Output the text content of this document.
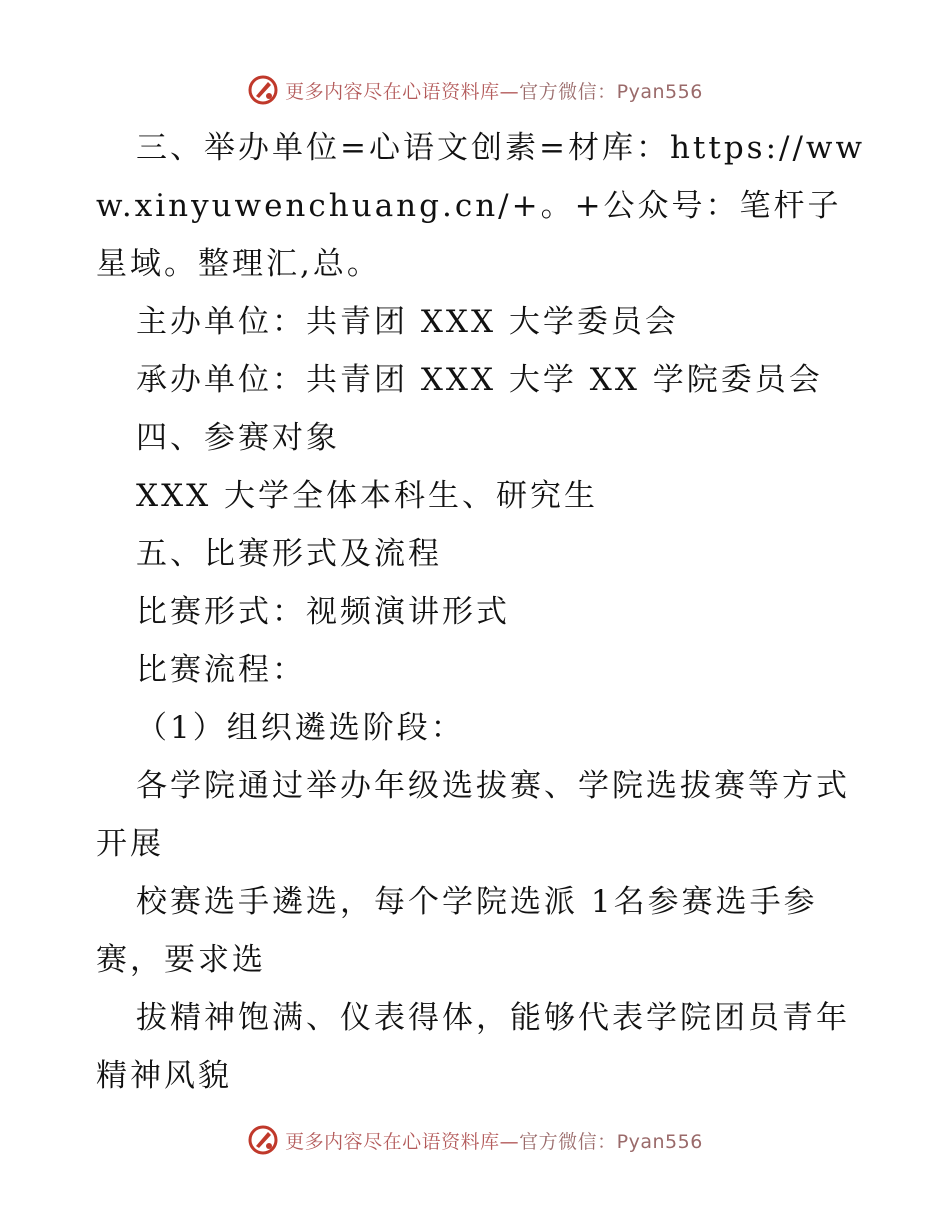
更多内容尽在心语资料库—官方微信：Pyan556

三、举办单位=心语文创素=材库：https://www.xinyuwenchuang.cn/+。+公众号：笔杆子星域。整理汇,总。

主办单位：共青团 XXX 大学委员会

承办单位：共青团 XXX 大学 XX 学院委员会

四、参赛对象

XXX 大学全体本科生、研究生

五、比赛形式及流程

比赛形式：视频演讲形式

比赛流程：

（1）组织遴选阶段：

各学院通过举办年级选拔赛、学院选拔赛等方式开展

校赛选手遴选，每个学院选派 1名参赛选手参赛，要求选

拔精神饱满、仪表得体，能够代表学院团员青年精神风貌

更多内容尽在心语资料库—官方微信：Pyan556
